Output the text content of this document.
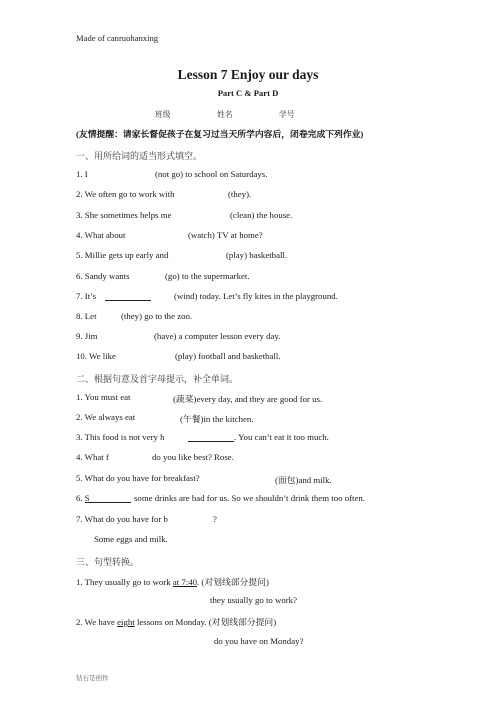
Made of canruohanxing
Lesson 7 Enjoy our days
Part C & Part D
班级	姓名	学号
(友情提醒：请家长督促孩子在复习过当天所学内容后，闭卷完成下列作业)
一、用所给词的适当形式填空。
1. I	(not go) to school on Saturdays.
2. We often go to work with	(they).
3. She sometimes helps me	(clean) the house.
4. What about	(watch) TV at home?
5. Millie gets up early and	(play) basketball.
6. Sandy wants	(go) to the supermarket.
7. It’s	(wind) today. Let’s fly kites in the playground.
8. Let	(they) go to the zoo.
9. Jim	(have) a computer lesson every day.
10. We like	(play) football and basketball.
二、根据句意及首字母提示，补全单词。
1. You must eat	(蔬菜)every day, and they are good for us.
2. We always eat	(午餐)in the kitchen.
3. This food is not very h	. You can’t eat it too much.
4. What f	do you like best? Rose.
5. What do you have for breakfast?	(面包)and milk.
6. S	some drinks are bad for us. So we shouldn’t drink them too often.
7. What do you have for b	?
Some eggs and milk.
三、句型转换。
1. They usually go to work at 7:40. (对划线部分提问)
they usually go to work?
2. We have eight lessons on Monday. (对划线部分提问)
do you have on Monday?
钻石是创作
